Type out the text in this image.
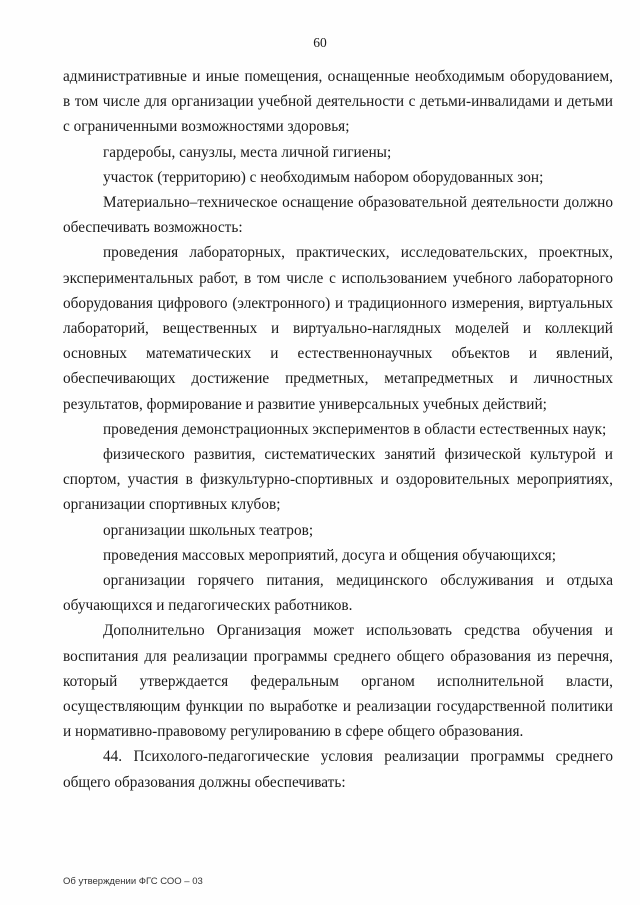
60

административные и иные помещения, оснащенные необходимым оборудованием, в том числе для организации учебной деятельности с детьми-инвалидами и детьми с ограниченными возможностями здоровья;

гардеробы, санузлы, места личной гигиены;

участок (территорию) с необходимым набором оборудованных зон;

Материально–техническое оснащение образовательной деятельности должно обеспечивать возможность:

проведения лабораторных, практических, исследовательских, проектных, экспериментальных работ, в том числе с использованием учебного лабораторного оборудования цифрового (электронного) и традиционного измерения, виртуальных лабораторий, вещественных и виртуально-наглядных моделей и коллекций основных математических и естественнонаучных объектов и явлений, обеспечивающих достижение предметных, метапредметных и личностных результатов, формирование и развитие универсальных учебных действий;

проведения демонстрационных экспериментов в области естественных наук;

физического развития, систематических занятий физической культурой и спортом, участия в физкультурно-спортивных и оздоровительных мероприятиях, организации спортивных клубов;

организации школьных театров;

проведения массовых мероприятий, досуга и общения обучающихся;

организации горячего питания, медицинского обслуживания и отдыха обучающихся и педагогических работников.

Дополнительно Организация может использовать средства обучения и воспитания для реализации программы среднего общего образования из перечня, который утверждается федеральным органом исполнительной власти, осуществляющим функции по выработке и реализации государственной политики и нормативно-правовому регулированию в сфере общего образования.

44. Психолого-педагогические условия реализации программы среднего общего образования должны обеспечивать:

Об утверждении ФГС СОО – 03
